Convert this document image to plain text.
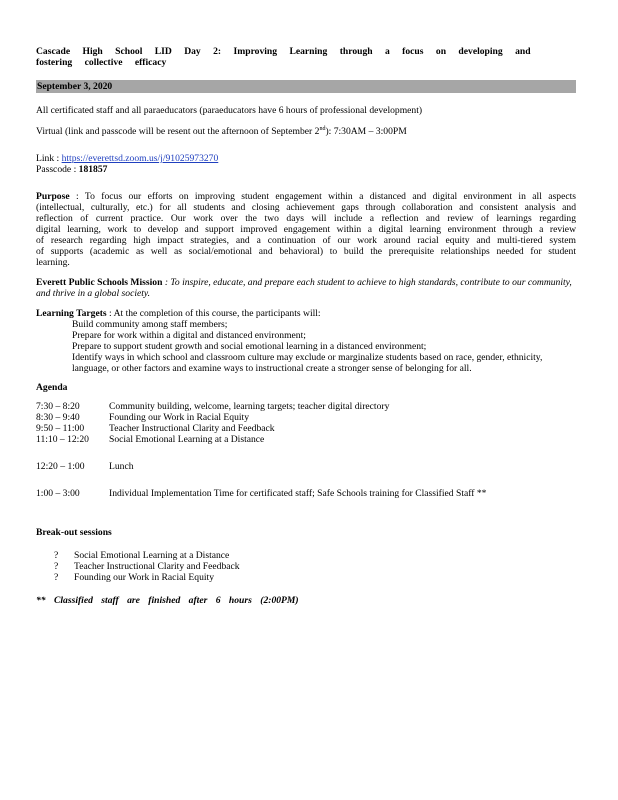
Cascade High School LID Day 2: Improving Learning through a focus on developing and fostering collective efficacy
September 3, 2020
All certificated staff and all paraeducators (paraeducators have 6 hours of professional development)
Virtual (link and passcode will be resent out the afternoon of September 2nd): 7:30AM – 3:00PM
Link : https://everettsd.zoom.us/j/91025973270
Passcode : 181857
Purpose : To focus our efforts on improving student engagement within a distanced and digital environment in all aspects (intellectual, culturally, etc.) for all students and closing achievement gaps through collaboration and consistent analysis and reflection of current practice. Our work over the two days will include a reflection and review of learnings regarding digital learning, work to develop and support improved engagement within a digital learning environment through a review of research regarding high impact strategies, and a continuation of our work around racial equity and multi-tiered system of supports (academic as well as social/emotional and behavioral) to build the prerequisite relationships needed for student learning.
Everett Public Schools Mission : To inspire, educate, and prepare each student to achieve to high standards, contribute to our community, and thrive in a global society.
Learning Targets : At the completion of this course, the participants will:
Build community among staff members;
Prepare for work within a digital and distanced environment;
Prepare to support student growth and social emotional learning in a distanced environment;
Identify ways in which school and classroom culture may exclude or marginalize students based on race, gender, ethnicity, language, or other factors and examine ways to instructional create a stronger sense of belonging for all.
Agenda
7:30 – 8:20	Community building, welcome, learning targets; teacher digital directory
8:30 – 9:40	Founding our Work in Racial Equity
9:50 – 11:00	Teacher Instructional Clarity and Feedback
11:10 – 12:20	Social Emotional Learning at a Distance
12:20 – 1:00	Lunch
1:00 – 3:00	Individual Implementation Time for certificated staff; Safe Schools training for Classified Staff **
Break-out sessions
? Social Emotional Learning at a Distance
? Teacher Instructional Clarity and Feedback
? Founding our Work in Racial Equity
** Classified staff are finished after 6 hours (2:00PM)
